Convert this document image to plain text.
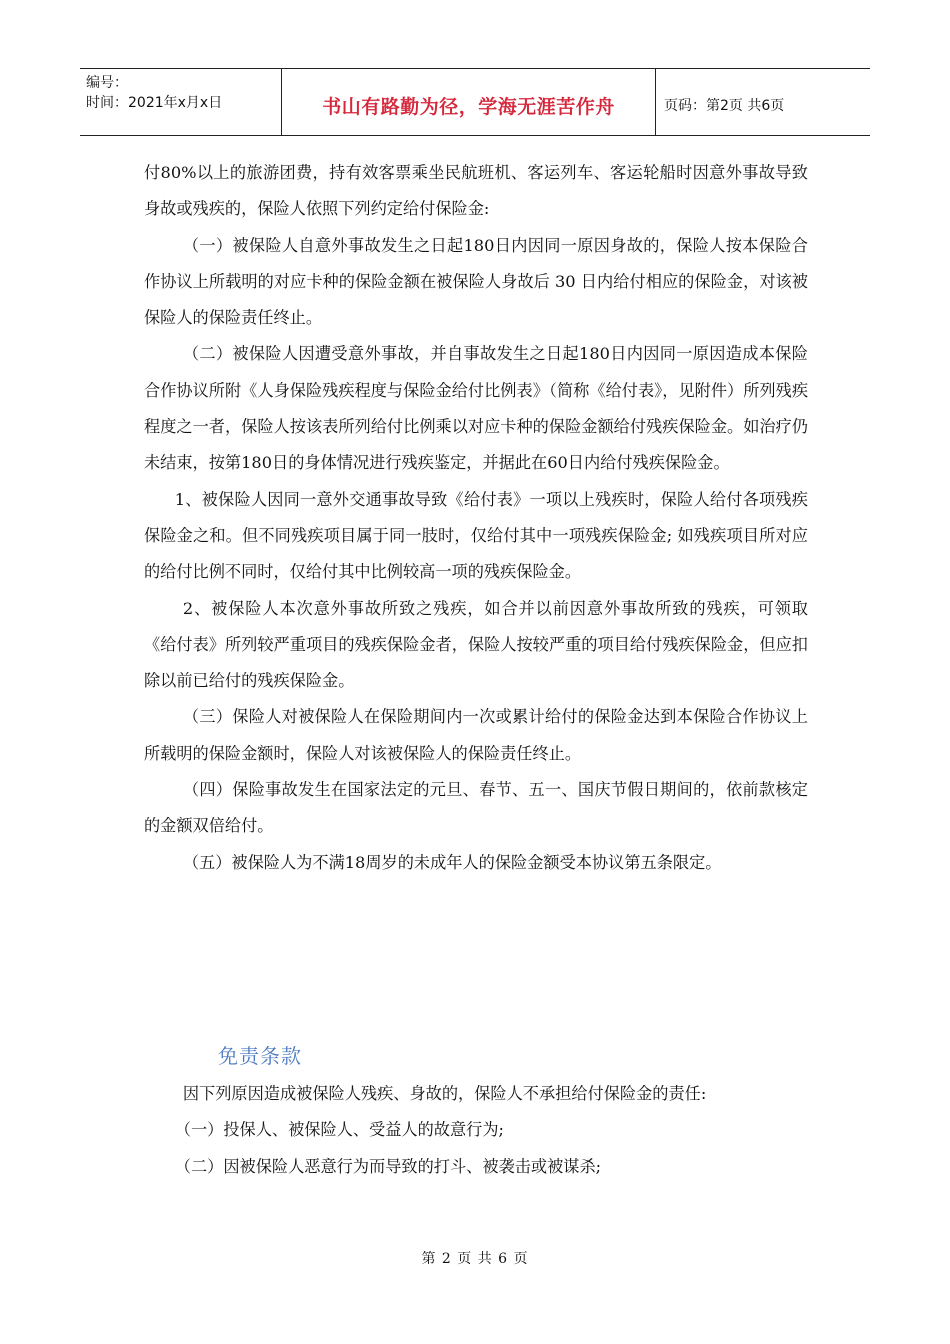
编号：
时间：2021年x月x日	书山有路勤为径，学海无涯苦作舟	页码：第2页 共6页

付80%以上的旅游团费，持有效客票乘坐民航班机、客运列车、客运轮船时因意外事故导致身故或残疾的，保险人依照下列约定给付保险金:

（一）被保险人自意外事故发生之日起180日内因同一原因身故的，保险人按本保险合作协议上所载明的对应卡种的保险金额在被保险人身故后 30 日内给付相应的保险金，对该被保险人的保险责任终止。

（二）被保险人因遭受意外事故，并自事故发生之日起180日内因同一原因造成本保险合作协议所附《人身保险残疾程度与保险金给付比例表》（简称《给付表》，见附件）所列残疾程度之一者，保险人按该表所列给付比例乘以对应卡种的保险金额给付残疾保险金。如治疗仍未结束，按第180日的身体情况进行残疾鉴定，并据此在60日内给付残疾保险金。

1、被保险人因同一意外交通事故导致《给付表》一项以上残疾时，保险人给付各项残疾保险金之和。但不同残疾项目属于同一肢时，仅给付其中一项残疾保险金; 如残疾项目所对应的给付比例不同时，仅给付其中比例较高一项的残疾保险金。

2、被保险人本次意外事故所致之残疾，如合并以前因意外事故所致的残疾，可领取《给付表》所列较严重项目的残疾保险金者，保险人按较严重的项目给付残疾保险金，但应扣除以前已给付的残疾保险金。

（三）保险人对被保险人在保险期间内一次或累计给付的保险金达到本保险合作协议上所载明的保险金额时，保险人对该被保险人的保险责任终止。

（四）保险事故发生在国家法定的元旦、春节、五一、国庆节假日期间的，依前款核定的金额双倍给付。

（五）被保险人为不满18周岁的未成年人的保险金额受本协议第五条限定。

免责条款

因下列原因造成被保险人残疾、身故的，保险人不承担给付保险金的责任:

（一）投保人、被保险人、受益人的故意行为;

（二）因被保险人恶意行为而导致的打斗、被袭击或被谋杀;

第 2 页 共 6 页
